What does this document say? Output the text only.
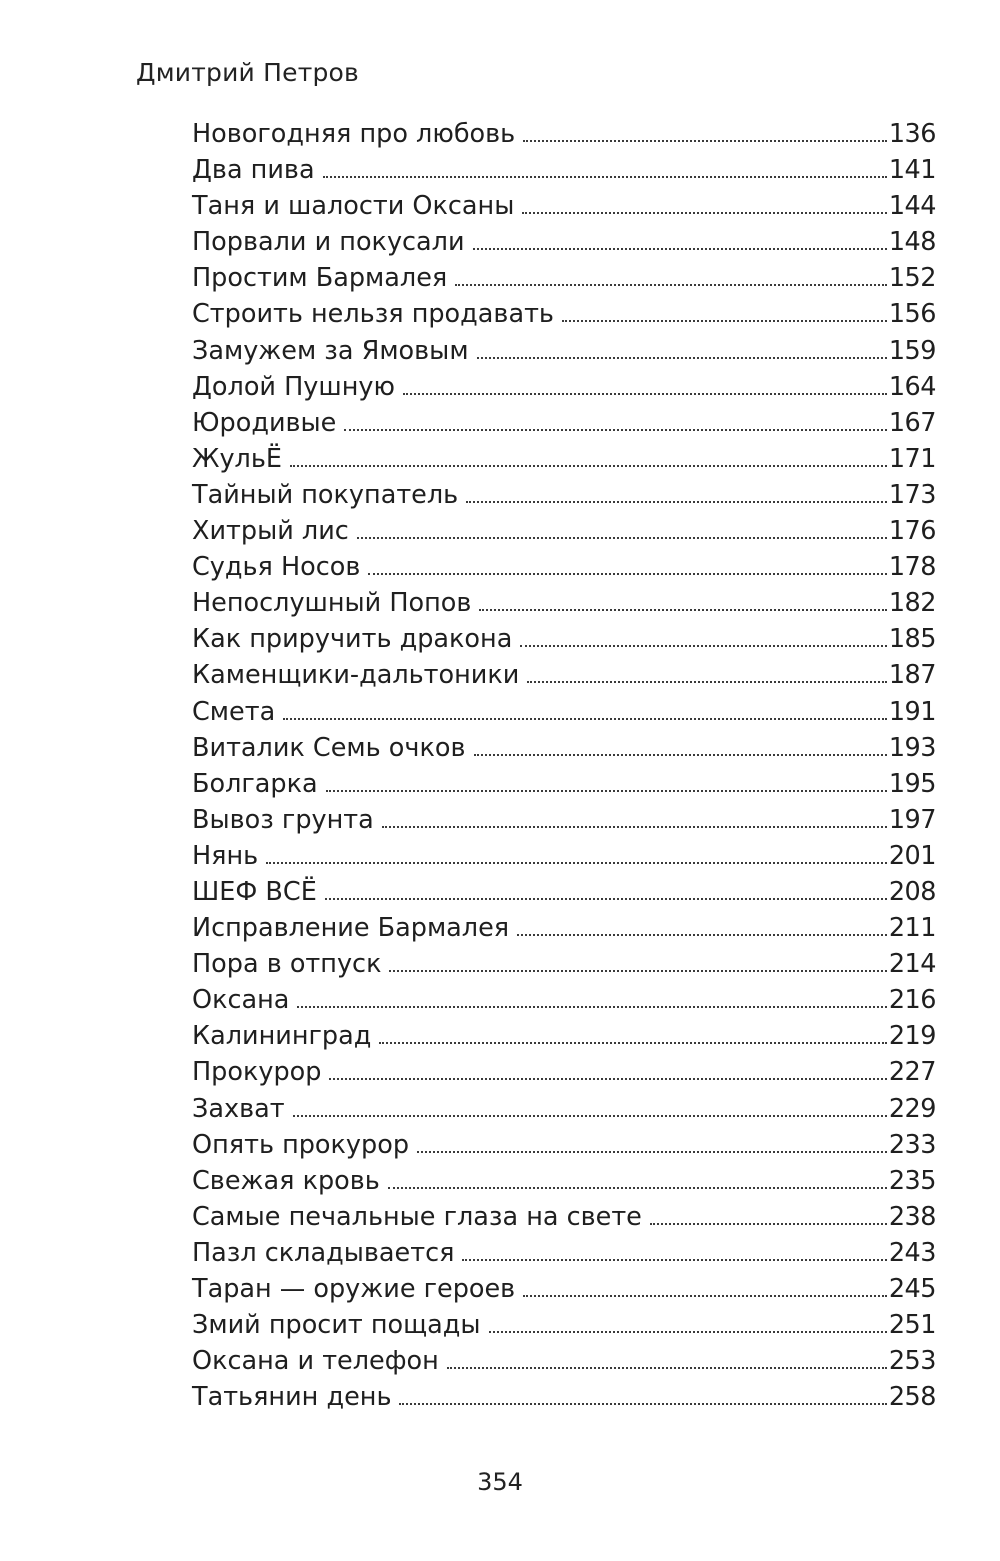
Дмитрий Петров
Новогодняя про любовь	136
Два пива	141
Таня и шалости Оксаны	144
Порвали и покусали	148
Простим Бармалея	152
Строить нельзя продавать	156
Замужем за Ямовым	159
Долой Пушную	164
Юродивые	167
ЖульЁ	171
Тайный покупатель	173
Хитрый лис	176
Судья Носов	178
Непослушный Попов	182
Как приручить дракона	185
Каменщики-дальтоники	187
Смета	191
Виталик Семь очков	193
Болгарка	195
Вывоз грунта	197
Нянь	201
ШЕФ ВСЁ	208
Исправление Бармалея	211
Пора в отпуск	214
Оксана	216
Калининград	219
Прокурор	227
Захват	229
Опять прокурор	233
Свежая кровь	235
Самые печальные глаза на свете	238
Пазл складывается	243
Таран — оружие героев	245
Змий просит пощады	251
Оксана и телефон	253
Татьянин день	258
354
